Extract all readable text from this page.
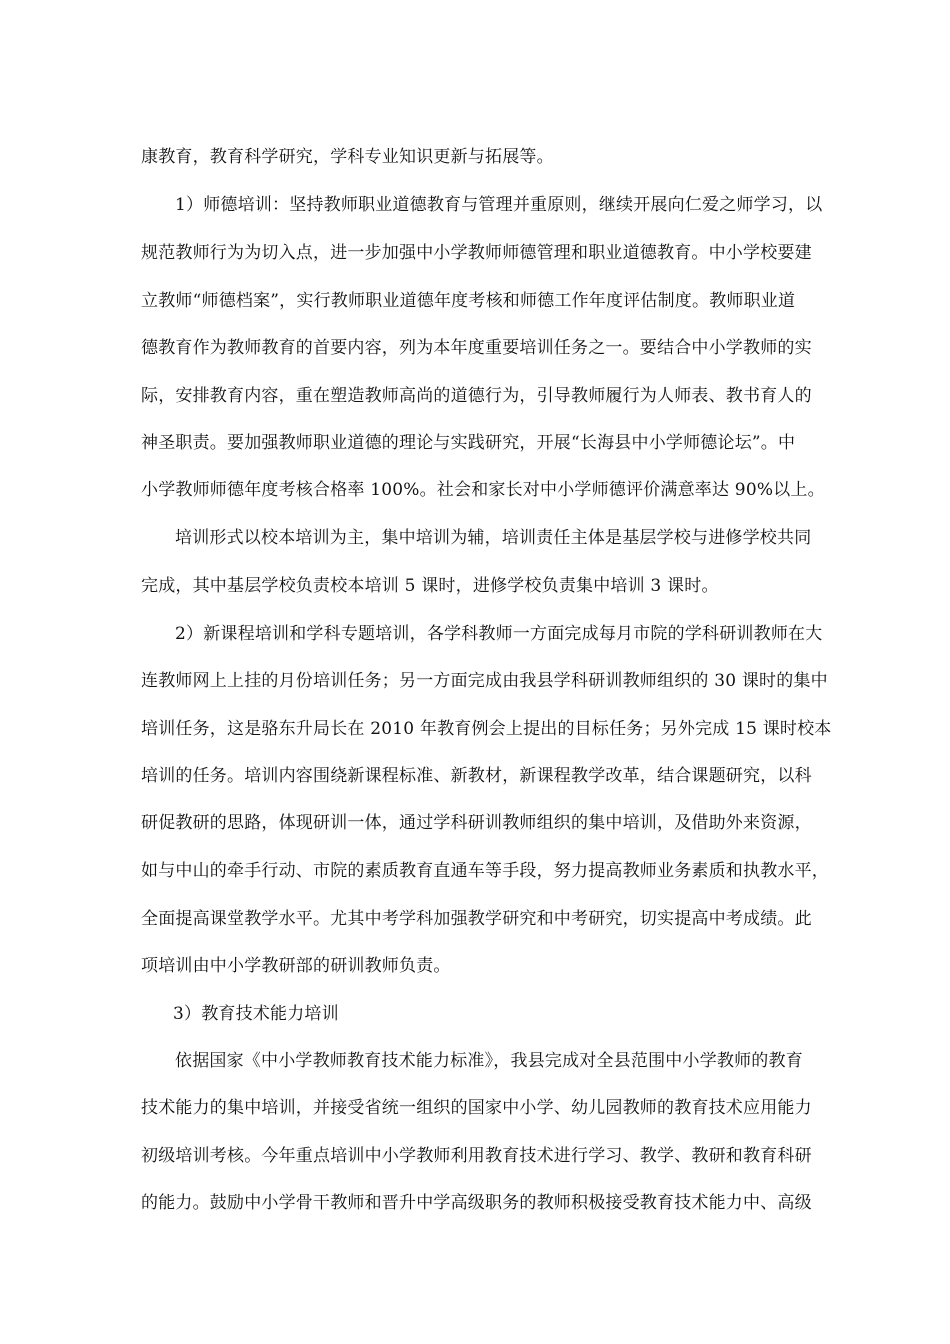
康教育，教育科学研究，学科专业知识更新与拓展等。
1）师德培训：坚持教师职业道德教育与管理并重原则，继续开展向仁爱之师学习，以
规范教师行为为切入点，进一步加强中小学教师师德管理和职业道德教育。中小学校要建
立教师“师德档案”，实行教师职业道德年度考核和师德工作年度评估制度。教师职业道
德教育作为教师教育的首要内容，列为本年度重要培训任务之一。要结合中小学教师的实
际，安排教育内容，重在塑造教师高尚的道德行为，引导教师履行为人师表、教书育人的
神圣职责。要加强教师职业道德的理论与实践研究，开展“长海县中小学师德论坛”。中
小学教师师德年度考核合格率 100%。社会和家长对中小学师德评价满意率达 90%以上。
培训形式以校本培训为主，集中培训为辅，培训责任主体是基层学校与进修学校共同
完成，其中基层学校负责校本培训 5 课时，进修学校负责集中培训 3 课时。
2）新课程培训和学科专题培训，各学科教师一方面完成每月市院的学科研训教师在大
连教师网上上挂的月份培训任务；另一方面完成由我县学科研训教师组织的 30 课时的集中
培训任务，这是骆东升局长在 2010 年教育例会上提出的目标任务；另外完成 15 课时校本
培训的任务。培训内容围绕新课程标准、新教材，新课程教学改革，结合课题研究，以科
研促教研的思路，体现研训一体，通过学科研训教师组织的集中培训，及借助外来资源，
如与中山的牵手行动、市院的素质教育直通车等手段，努力提高教师业务素质和执教水平，
全面提高课堂教学水平。尤其中考学科加强教学研究和中考研究，切实提高中考成绩。此
项培训由中小学教研部的研训教师负责。
3）教育技术能力培训
依据国家《中小学教师教育技术能力标准》，我县完成对全县范围中小学教师的教育
技术能力的集中培训，并接受省统一组织的国家中小学、幼儿园教师的教育技术应用能力
初级培训考核。今年重点培训中小学教师利用教育技术进行学习、教学、教研和教育科研
的能力。鼓励中小学骨干教师和晋升中学高级职务的教师积极接受教育技术能力中、高级
